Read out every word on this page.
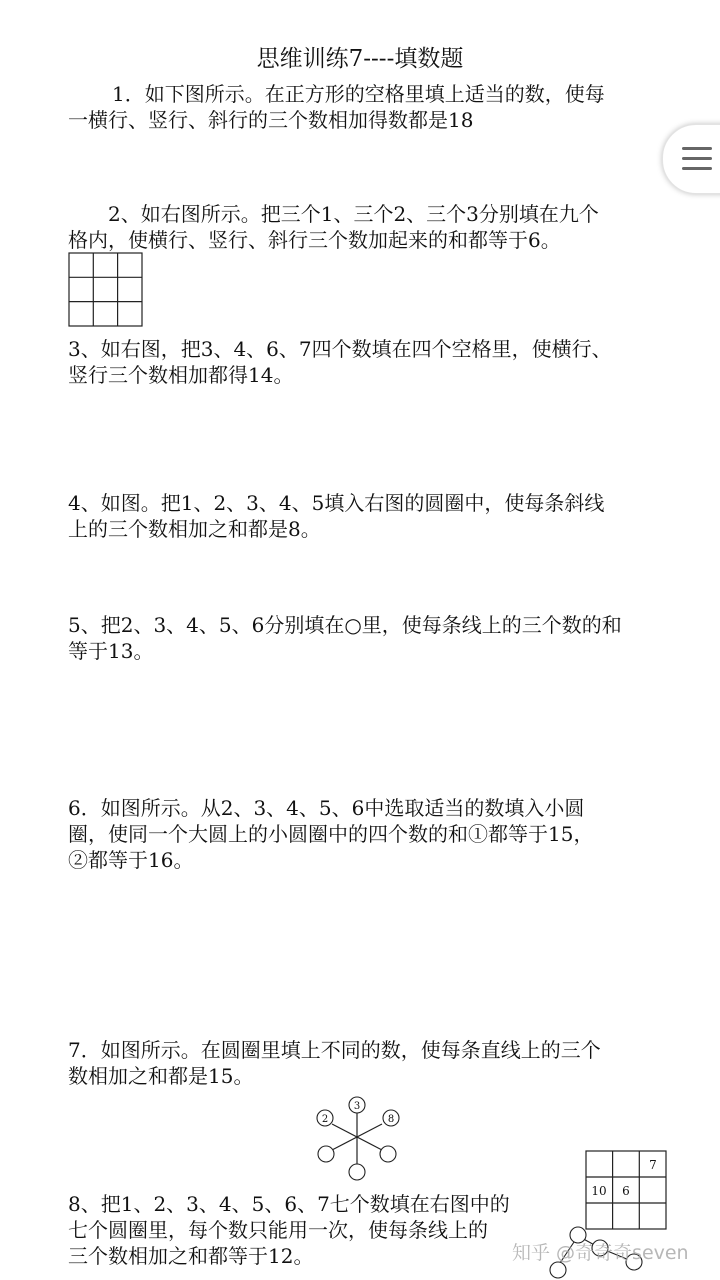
思维训练7----填数题
1．如下图所示。在正方形的空格里填上适当的数，使每
一横行、竖行、斜行的三个数相加得数都是18
2、如右图所示。把三个1、三个2、三个3分别填在九个
格内，使横行、竖行、斜行三个数加起来的和都等于6。
3、如右图，把3、4、6、7四个数填在四个空格里，使横行、
竖行三个数相加都得14。
4、如图。把1、2、3、4、5填入右图的圆圈中，使每条斜线
上的三个数相加之和都是8。
5、把2、3、4、5、6分别填在○里，使每条线上的三个数的和
等于13。
6．如图所示。从2、3、4、5、6中选取适当的数填入小圆
圈，使同一个大圆上的小圆圈中的四个数的和①都等于15，
②都等于16。
7．如图所示。在圆圈里填上不同的数，使每条直线上的三个
数相加之和都是15。
2
3
8
7
10 6
8、把1、2、3、4、5、6、7七个数填在右图中的
七个圆圈里，每个数只能用一次，使每条线上的
三个数相加之和都等于12。	知乎 @奇奇奇seven
